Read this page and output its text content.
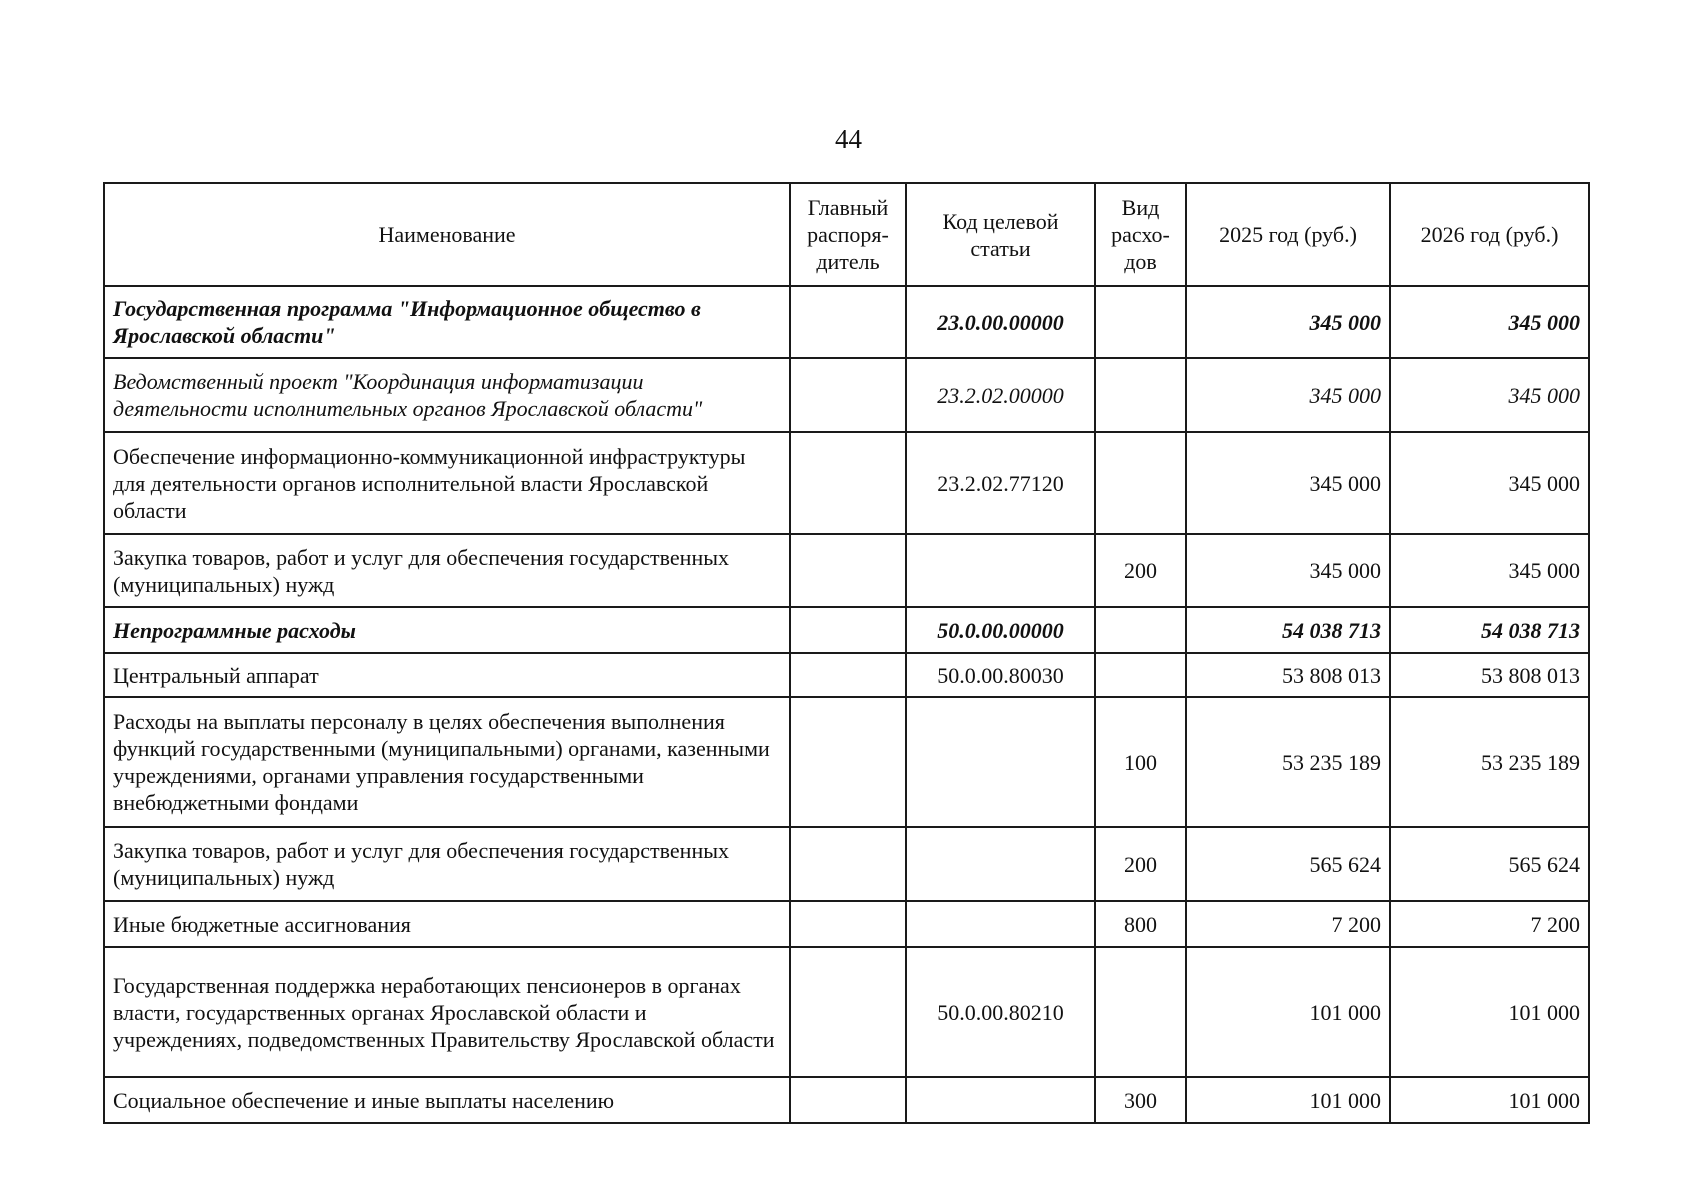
44
Наименование	Главный распоря-дитель	Код целевой статьи	Вид расхо-дов	2025 год (руб.)	2026 год (руб.)
Государственная программа "Информационное общество в Ярославской области"		23.0.00.00000		345 000	345 000
Ведомственный проект "Координация информатизации деятельности исполнительных органов Ярославской области"		23.2.02.00000		345 000	345 000
Обеспечение информационно-коммуникационной инфраструктуры для деятельности органов исполнительной власти Ярославской области		23.2.02.77120		345 000	345 000
Закупка товаров, работ и услуг для обеспечения государственных (муниципальных) нужд			200	345 000	345 000
Непрограммные расходы		50.0.00.00000		54 038 713	54 038 713
Центральный аппарат		50.0.00.80030		53 808 013	53 808 013
Расходы на выплаты персоналу в целях обеспечения выполнения функций государственными (муниципальными) органами, казенными учреждениями, органами управления государственными внебюджетными фондами			100	53 235 189	53 235 189
Закупка товаров, работ и услуг для обеспечения государственных (муниципальных) нужд			200	565 624	565 624
Иные бюджетные ассигнования			800	7 200	7 200
Государственная поддержка неработающих пенсионеров в органах власти, государственных органах Ярославской области и учреждениях, подведомственных Правительству Ярославской области		50.0.00.80210		101 000	101 000
Социальное обеспечение и иные выплаты населению			300	101 000	101 000
